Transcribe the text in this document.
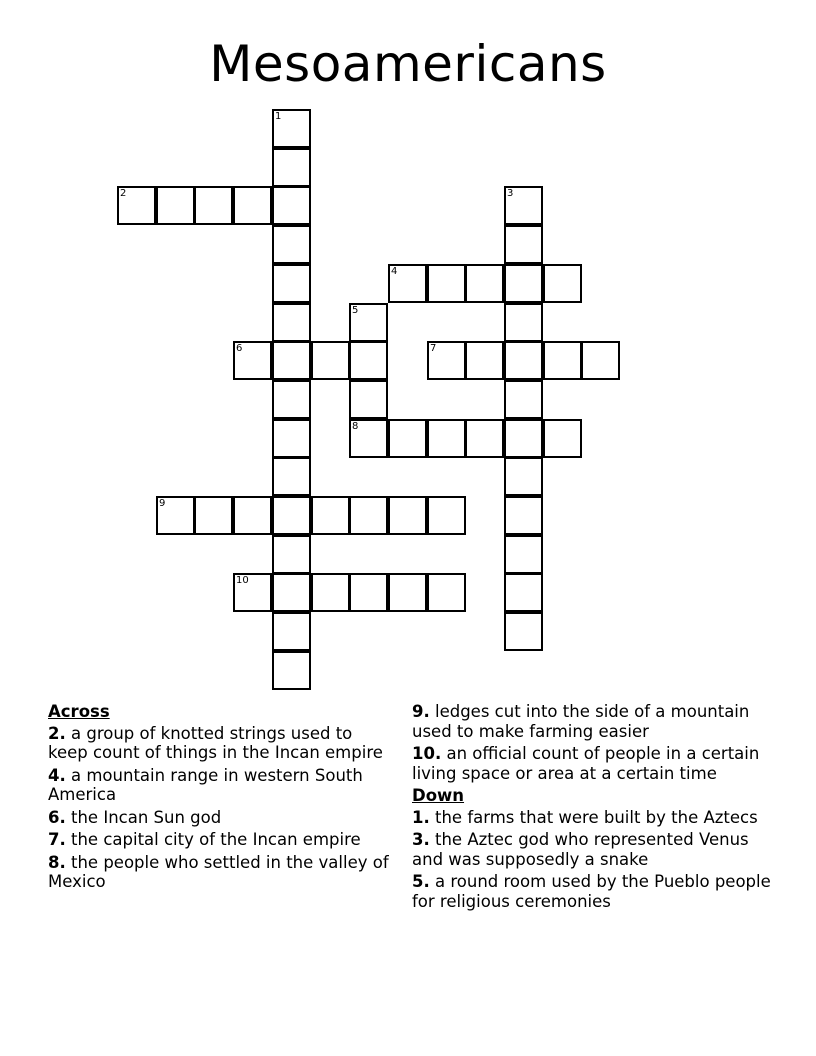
Mesoamericans
1
2	3
4
5
8
6	7
9
10
Across
2. a group of knotted strings used to keep count of things in the Incan empire
4. a mountain range in western South America
6. the Incan Sun god
7. the capital city of the Incan empire
8. the people who settled in the valley of Mexico
9. ledges cut into the side of a mountain used to make farming easier
10. an official count of people in a certain living space or area at a certain time
Down
1. the farms that were built by the Aztecs
3. the Aztec god who represented Venus and was supposedly a snake
5. a round room used by the Pueblo people for religious ceremonies
